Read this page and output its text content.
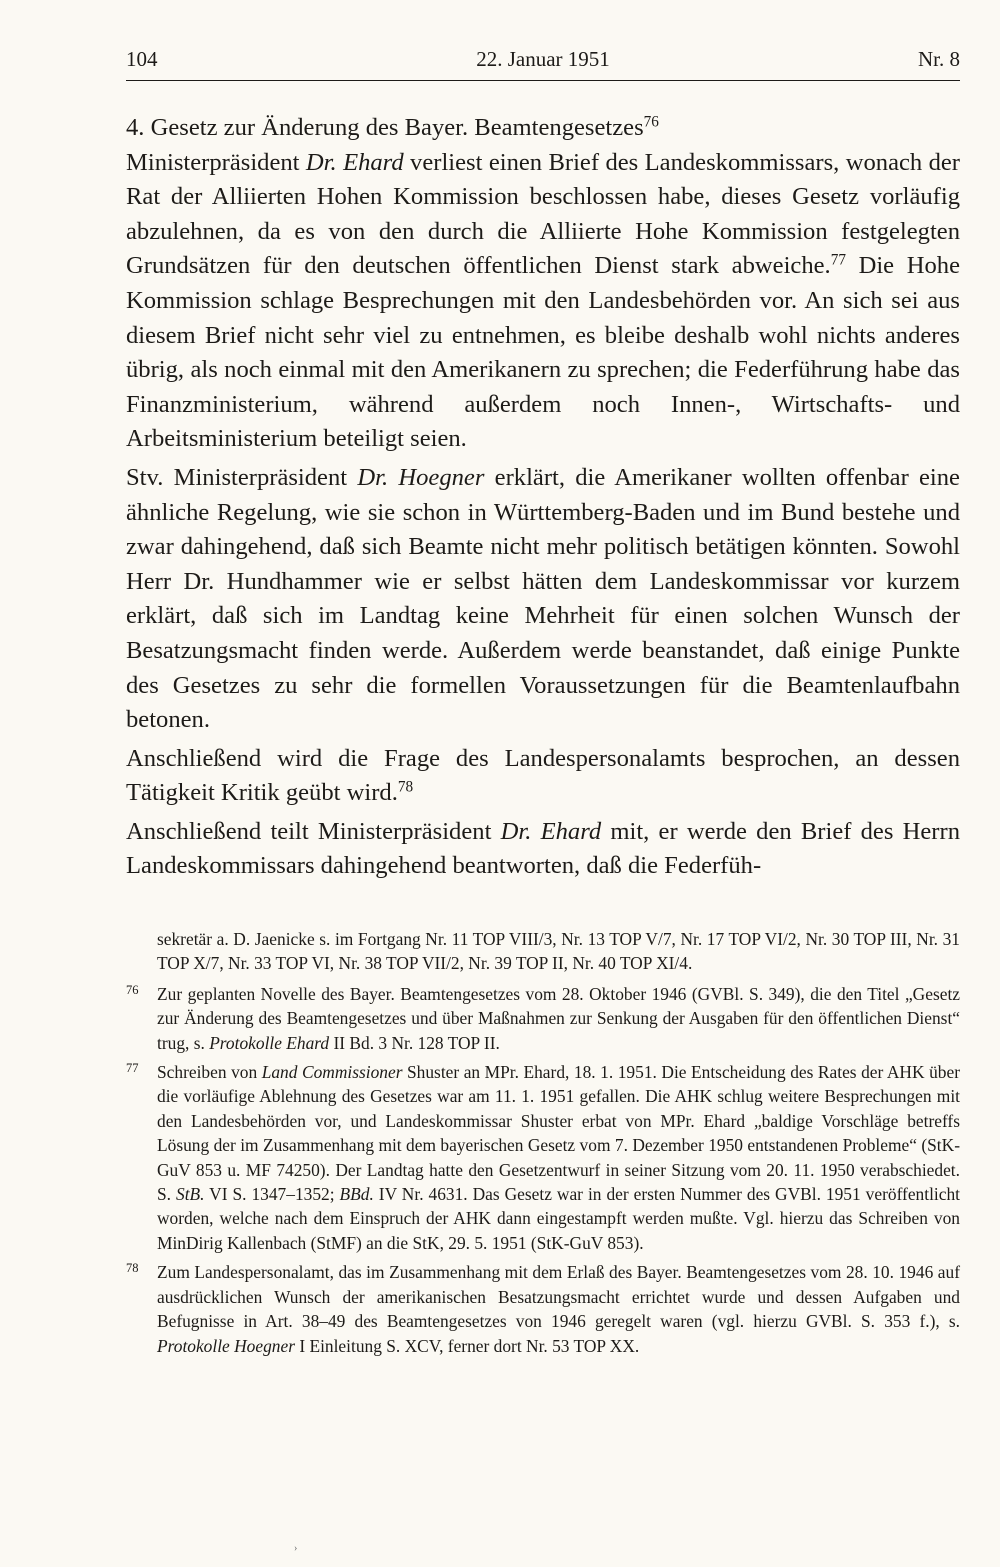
104	22. Januar 1951	Nr. 8

4. Gesetz zur Änderung des Bayer. Beamtengesetzes$^{76}$

Ministerpräsident Dr. Ehard verliest einen Brief des Landeskommissars, wonach der Rat der Alliierten Hohen Kommission beschlossen habe, dieses Gesetz vorläufig abzulehnen, da es von den durch die Alliierte Hohe Kommission festgelegten Grundsätzen für den deutschen öffentlichen Dienst stark abweiche.$^{77}$ Die Hohe Kommission schlage Besprechungen mit den Landesbehörden vor. An sich sei aus diesem Brief nicht sehr viel zu entnehmen, es bleibe deshalb wohl nichts anderes übrig, als noch einmal mit den Amerikanern zu sprechen; die Federführung habe das Finanzministerium, während außerdem noch Innen-, Wirtschafts- und Arbeitsministerium beteiligt seien.

Stv. Ministerpräsident Dr. Hoegner erklärt, die Amerikaner wollten offenbar eine ähnliche Regelung, wie sie schon in Württemberg-Baden und im Bund bestehe und zwar dahingehend, daß sich Beamte nicht mehr politisch betätigen könnten. Sowohl Herr Dr. Hundhammer wie er selbst hätten dem Landeskommissar vor kurzem erklärt, daß sich im Landtag keine Mehrheit für einen solchen Wunsch der Besatzungsmacht finden werde. Außerdem werde beanstandet, daß einige Punkte des Gesetzes zu sehr die formellen Voraussetzungen für die Beamtenlaufbahn betonen.

Anschließend wird die Frage des Landespersonalamts besprochen, an dessen Tätigkeit Kritik geübt wird.$^{78}$

Anschließend teilt Ministerpräsident Dr. Ehard mit, er werde den Brief des Herrn Landeskommissars dahingehend beantworten, daß die Federfüh-

sekretär a. D. Jaenicke s. im Fortgang Nr. 11 TOP VIII/3, Nr. 13 TOP V/7, Nr. 17 TOP VI/2, Nr. 30 TOP III, Nr. 31 TOP X/7, Nr. 33 TOP VI, Nr. 38 TOP VII/2, Nr. 39 TOP II, Nr. 40 TOP XI/4.
76 Zur geplanten Novelle des Bayer. Beamtengesetzes vom 28. Oktober 1946 (GVBl. S. 349), die den Titel „Gesetz zur Änderung des Beamtengesetzes und über Maßnahmen zur Senkung der Ausgaben für den öffentlichen Dienst“ trug, s. Protokolle Ehard II Bd. 3 Nr. 128 TOP II.
77 Schreiben von Land Commissioner Shuster an MPr. Ehard, 18. 1. 1951. Die Entscheidung des Rates der AHK über die vorläufige Ablehnung des Gesetzes war am 11. 1. 1951 gefallen. Die AHK schlug weitere Besprechungen mit den Landesbehörden vor, und Landeskommissar Shuster erbat von MPr. Ehard „baldige Vorschläge betreffs Lösung der im Zusammenhang mit dem bayerischen Gesetz vom 7. Dezember 1950 entstandenen Probleme“ (StK-GuV 853 u. MF 74250). Der Landtag hatte den Gesetzentwurf in seiner Sitzung vom 20. 11. 1950 verabschiedet. S. StB. VI S. 1347–1352; BBd. IV Nr. 4631. Das Gesetz war in der ersten Nummer des GVBl. 1951 veröffentlicht worden, welche nach dem Einspruch der AHK dann eingestampft werden mußte. Vgl. hierzu das Schreiben von MinDirig Kallenbach (StMF) an die StK, 29. 5. 1951 (StK-GuV 853).
78 Zum Landespersonalamt, das im Zusammenhang mit dem Erlaß des Bayer. Beamtengesetzes vom 28. 10. 1946 auf ausdrücklichen Wunsch der amerikanischen Besatzungsmacht errichtet wurde und dessen Aufgaben und Befugnisse in Art. 38–49 des Beamtengesetzes von 1946 geregelt waren (vgl. hierzu GVBl. S. 353 f.), s. Protokolle Hoegner I Einleitung S. XCV, ferner dort Nr. 53 TOP XX.
›
